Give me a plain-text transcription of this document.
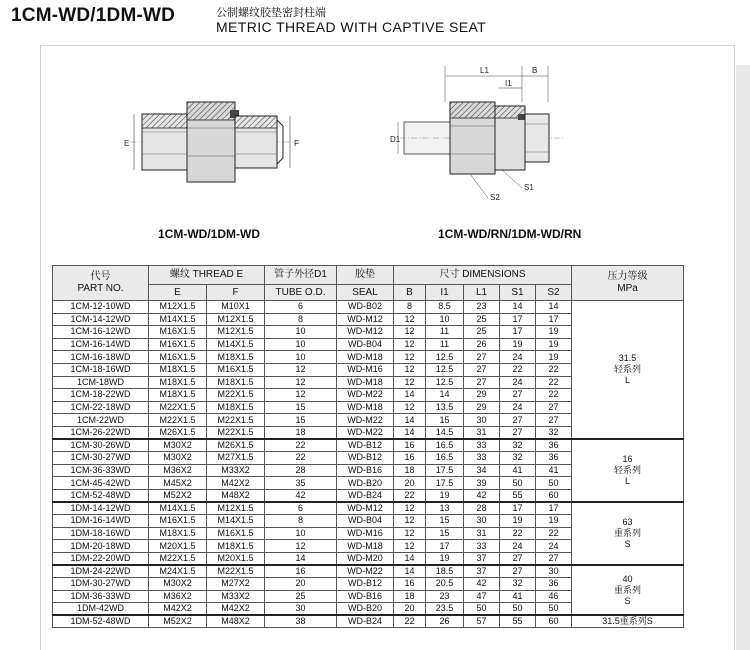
1CM-WD/1DM-WD	公制螺纹胶垫密封柱端
METRIC THREAD WITH CAPTIVE SEAT
E	F
L1	B
I1
D1
S1
S2
1CM-WD/1DM-WD	1CM-WD/RN/1DM-WD/RN
代号
PART NO.	螺纹 THREAD E		管子外径D1	胶垫	尺寸 DIMENSIONS					压力等级
MPa

	E	F	TUBE O.D.	SEAL	B	I1	L1	S1	S2	
1CM-12-10WD	M12X1.5	M10X1	6	WD-B02	8	8.5	23	14	14	31.5
轻系列
L

1CM-14-12WD	M14X1.5	M12X1.5	8	WD-M12	12	10	25	17	17	
1CM-16-12WD	M16X1.5	M12X1.5	10	WD-M12	12	11	25	17	19	
1CM-16-14WD	M16X1.5	M14X1.5	10	WD-B04	12	11	26	19	19	
1CM-16-18WD	M16X1.5	M18X1.5	10	WD-M18	12	12.5	27	24	19	
1CM-18-16WD	M18X1.5	M16X1.5	12	WD-M16	12	12.5	27	22	22	
1CM-18WD	M18X1.5	M18X1.5	12	WD-M18	12	12.5	27	24	22	
1CM-18-22WD	M18X1.5	M22X1.5	12	WD-M22	14	14	29	27	22	
1CM-22-18WD	M22X1.5	M18X1.5	15	WD-M18	12	13.5	29	24	27	
1CM-22WD	M22X1.5	M22X1.5	15	WD-M22	14	15	30	27	27	
1CM-26-22WD	M26X1.5	M22X1.5	18	WD-M22	14	14.5	31	27	32	
1CM-30-26WD	M30X2	M26X1.5	22	WD-B12	16	16.5	33	32	36	16
轻系列
L

1CM-30-27WD	M30X2	M27X1.5	22	WD-B12	16	16.5	33	32	36	
1CM-36-33WD	M36X2	M33X2	28	WD-B16	18	17.5	34	41	41	
1CM-45-42WD	M45X2	M42X2	35	WD-B20	20	17.5	39	50	50	
1CM-52-48WD	M52X2	M48X2	42	WD-B24	22	19	42	55	60	
1DM-14-12WD	M14X1.5	M12X1.5	6	WD-M12	12	13	28	17	17	63
重系列
S

1DM-16-14WD	M16X1.5	M14X1.5	8	WD-B04	12	15	30	19	19	
1DM-18-16WD	M18X1.5	M16X1.5	10	WD-M16	12	15	31	22	22	
1DM-20-18WD	M20X1.5	M18X1.5	12	WD-M18	12	17	33	24	24	
1DM-22-20WD	M22X1.5	M20X1.5	14	WD-M20	14	19	37	27	27	
1DM-24-22WD	M24X1.5	M22X1.5	16	WD-M22	14	18.5	37	27	30	40
重系列
S

1DM-30-27WD	M30X2	M27X2	20	WD-B12	16	20.5	42	32	36	
1DM-36-33WD	M36X2	M33X2	25	WD-B16	18	23	47	41	46	
1DM-42WD	M42X2	M42X2	30	WD-B20	20	23.5	50	50	50	
1DM-52-48WD	M52X2	M48X2	38	WD-B24	22	26	57	55	60	31.5重系列S
